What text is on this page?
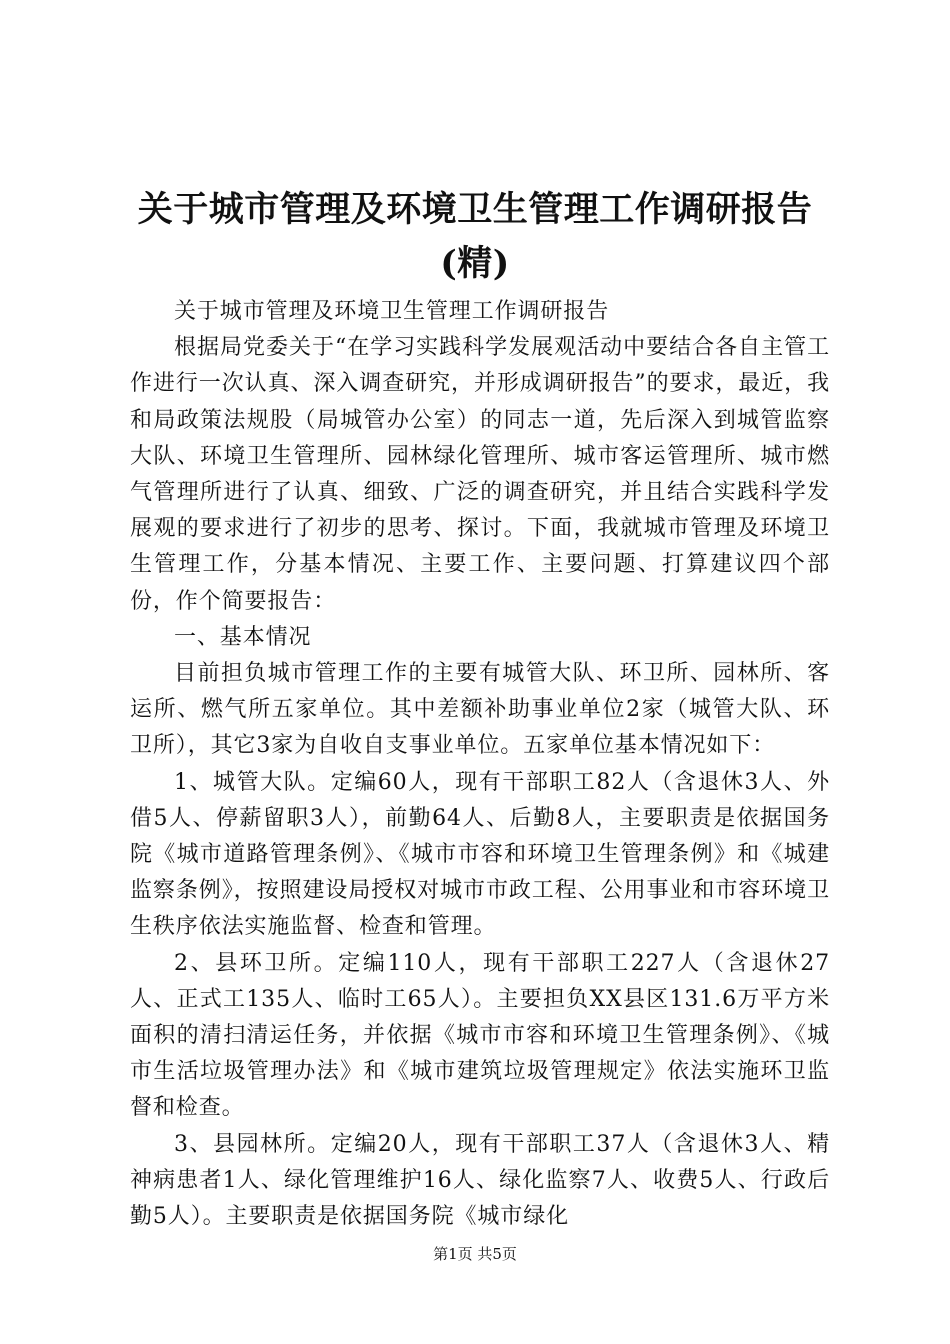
关于城市管理及环境卫生管理工作调研报告
(精)

关于城市管理及环境卫生管理工作调研报告

根据局党委关于“在学习实践科学发展观活动中要结合各自主管工作进行一次认真、深入调查研究，并形成调研报告”的要求，最近，我和局政策法规股（局城管办公室）的同志一道，先后深入到城管监察大队、环境卫生管理所、园林绿化管理所、城市客运管理所、城市燃气管理所进行了认真、细致、广泛的调查研究，并且结合实践科学发展观的要求进行了初步的思考、探讨。下面，我就城市管理及环境卫生管理工作，分基本情况、主要工作、主要问题、打算建议四个部份，作个简要报告：

一、基本情况

目前担负城市管理工作的主要有城管大队、环卫所、园林所、客运所、燃气所五家单位。其中差额补助事业单位2家（城管大队、环卫所），其它3家为自收自支事业单位。五家单位基本情况如下：

1、城管大队。定编60人，现有干部职工82人（含退休3人、外借5人、停薪留职3人），前勤64人、后勤8人，主要职责是依据国务院《城市道路管理条例》、《城市市容和环境卫生管理条例》和《城建监察条例》，按照建设局授权对城市市政工程、公用事业和市容环境卫生秩序依法实施监督、检查和管理。

2、县环卫所。定编110人，现有干部职工227人（含退休27人、正式工135人、临时工65人）。主要担负XX县区131.6万平方米面积的清扫清运任务，并依据《城市市容和环境卫生管理条例》、《城市生活垃圾管理办法》和《城市建筑垃圾管理规定》依法实施环卫监督和检查。

3、县园林所。定编20人，现有干部职工37人（含退休3人、精神病患者1人、绿化管理维护16人、绿化监察7人、收费5人、行政后勤5人）。主要职责是依据国务院《城市绿化

第1页 共5页
